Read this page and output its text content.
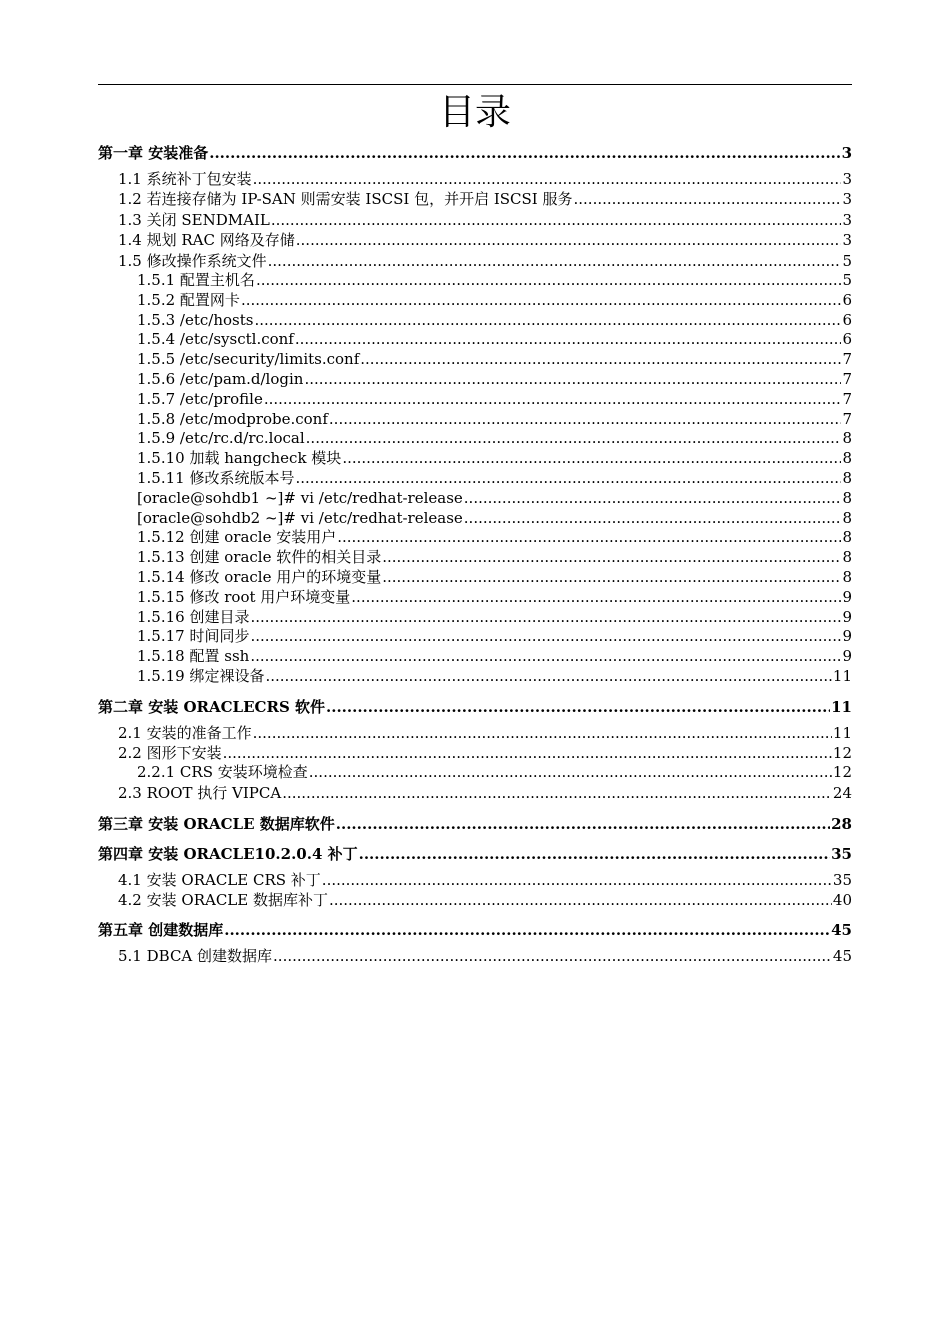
目录
第一章 安装准备 .....	3
1.1 系统补丁包安装 .....	3
1.2 若连接存储为 IP-SAN 则需安装 ISCSI 包，并开启 ISCSI 服务 .....	3
1.3 关闭 SENDMAIL .....	3
1.4 规划 RAC 网络及存储 .....	3
1.5 修改操作系统文件 .....	5
1.5.1 配置主机名 .....	5
1.5.2 配置网卡 .....	6
1.5.3 /etc/hosts .....	6
1.5.4 /etc/sysctl.conf .....	6
1.5.5 /etc/security/limits.conf .....	7
1.5.6 /etc/pam.d/login .....	7
1.5.7 /etc/profile .....	7
1.5.8 /etc/modprobe.conf .....	7
1.5.9 /etc/rc.d/rc.local .....	8
1.5.10 加载 hangcheck 模块 .....	8
1.5.11 修改系统版本号 .....	8
[oracle@sohdb1 ~]# vi /etc/redhat-release .....	8
[oracle@sohdb2 ~]# vi /etc/redhat-release .....	8
1.5.12 创建 oracle 安装用户 .....	8
1.5.13 创建 oracle 软件的相关目录 .....	8
1.5.14 修改 oracle 用户的环境变量 .....	8
1.5.15 修改 root 用户环境变量 .....	9
1.5.16 创建目录 .....	9
1.5.17 时间同步 .....	9
1.5.18 配置 ssh .....	9
1.5.19 绑定裸设备 .....	11
第二章 安装 ORACLECRS 软件 .....	11
2.1 安装的准备工作 .....	11
2.2 图形下安装 .....	12
2.2.1 CRS 安装环境检查 .....	12
2.3 ROOT 执行 VIPCA .....	24
第三章 安装 ORACLE 数据库软件 .....	28
第四章 安装 ORACLE10.2.0.4 补丁 .....	35
4.1 安装 ORACLE CRS 补丁 .....	35
4.2 安装 ORACLE 数据库补丁 .....	40
第五章 创建数据库 .....	45
5.1 DBCA 创建数据库 .....	45
